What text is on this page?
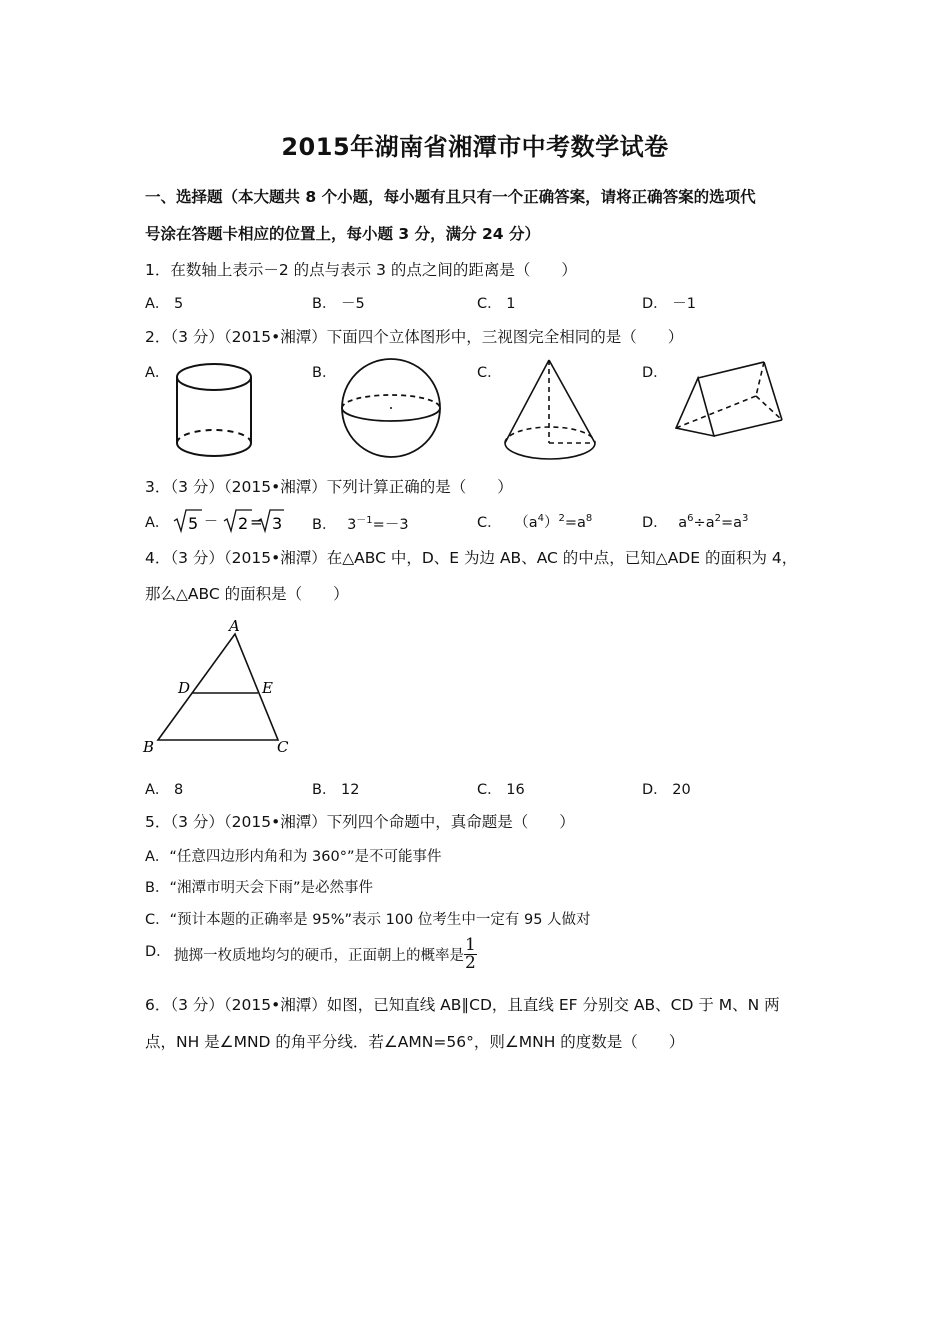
2015年湖南省湘潭市中考数学试卷
一、选择题（本大题共 8 个小题，每小题有且只有一个正确答案，请将正确答案的选项代
号涂在答题卡相应的位置上，每小题 3 分，满分 24 分）
1．在数轴上表示－2 的点与表示 3 的点之间的距离是（　　）
A． 5	B． －5	C． 1	D． －1
2．（3 分）（2015•湘潭）下面四个立体图形中，三视图完全相同的是（　　）
A．	B．	C．	D．
3．（3 分）（2015•湘潭）下列计算正确的是（　　）
A． 5 － 2 = 3 B． $3^{-1}=-3$	C． $(a^4)^2=a^8$	D． $a^6\div a^2=a^3$
4．（3 分）（2015•湘潭）在△ABC 中，D、E 为边 AB、AC 的中点，已知△ADE 的面积为 4，
那么△ABC 的面积是（　　）
A
B	C
D	E
A． 8	B． 12	C． 16	D． 20
5．（3 分）（2015•湘潭）下列四个命题中，真命题是（　　）
A．“任意四边形内角和为 360°”是不可能事件
B．“湘潭市明天会下雨”是必然事件
C．“预计本题的正确率是 95%”表示 100 位考生中一定有 95 人做对
D． 抛掷一枚质地均匀的硬币，正面朝上的概率是 $\frac{1}{2}$
6．（3 分）（2015•湘潭）如图，已知直线 AB∥CD，且直线 EF 分别交 AB、CD 于 M、N 两
点，NH 是∠MND 的角平分线．若∠AMN=56°，则∠MNH 的度数是（　　）
